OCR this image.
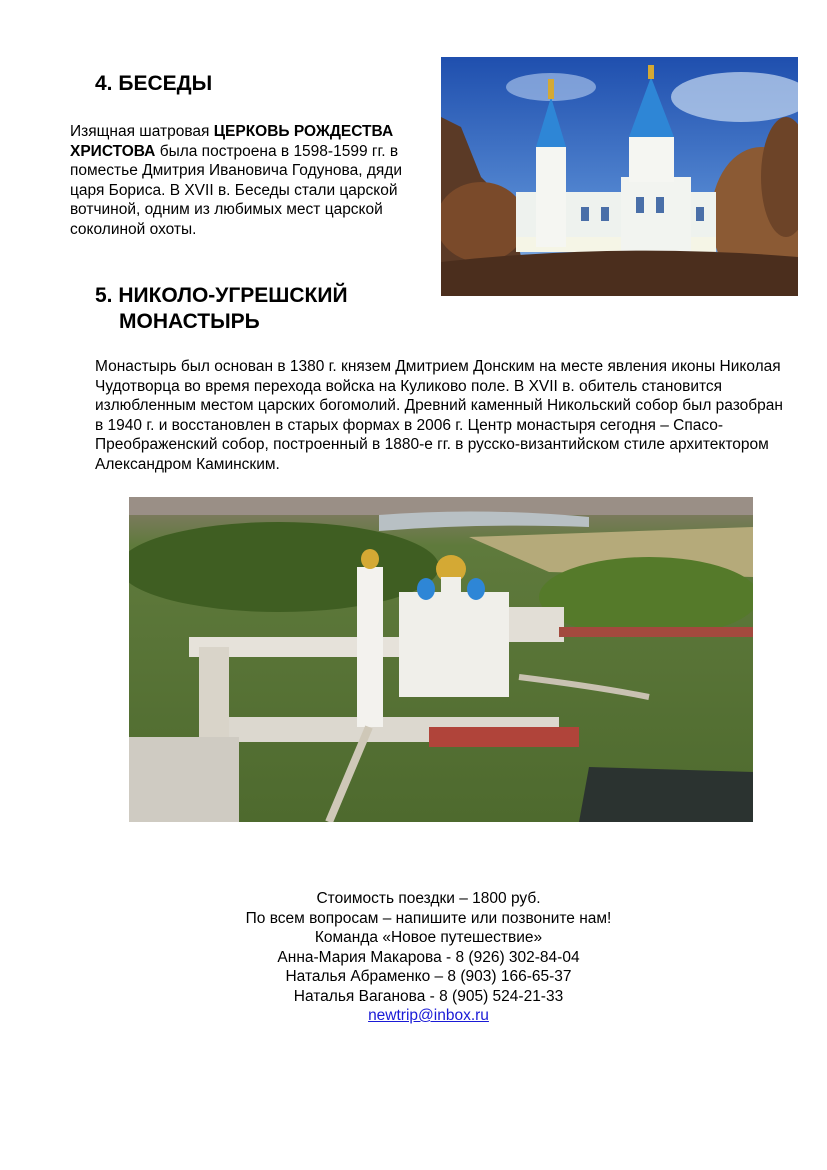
4. БЕСЕДЫ
Изящная шатровая ЦЕРКОВЬ РОЖДЕСТВА ХРИСТОВА была построена в 1598-1599 гг. в поместье Дмитрия Ивановича Годунова, дяди царя Бориса. В XVII в. Беседы стали царской вотчиной, одним из любимых мест царской соколиной охоты.
5. НИКОЛО-УГРЕШСКИЙ
МОНАСТЫРЬ
Монастырь был основан в 1380 г. князем Дмитрием Донским на месте явления иконы Николая Чудотворца во время перехода войска на Куликово поле. В XVII в. обитель становится излюбленным местом царских богомолий. Древний каменный Никольский собор был разобран в 1940 г. и восстановлен в старых формах в 2006 г. Центр монастыря сегодня – Спасо-Преображенский собор, построенный в 1880-е гг. в русско-византийском стиле архитектором Александром Каминским.
Стоимость поездки – 1800 руб.
По всем вопросам – напишите или позвоните нам!
Команда «Новое путешествие»
Анна-Мария Макарова - 8 (926) 302-84-04
Наталья Абраменко – 8 (903) 166-65-37
Наталья Ваганова - 8 (905) 524-21-33
newtrip@inbox.ru
